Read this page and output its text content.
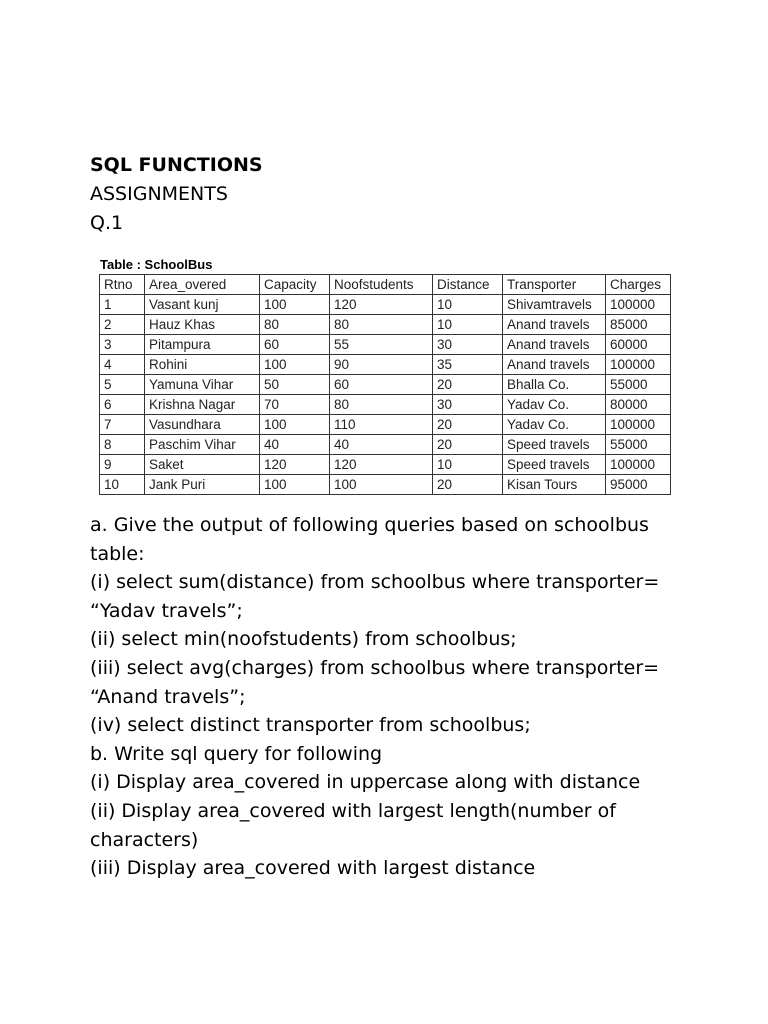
SQL FUNCTIONS
ASSIGNMENTS
Q.1
Table : SchoolBus
Rtno	Area_overed	Capacity	Noofstudents	Distance	Transporter	Charges
1	Vasant kunj	100	120	10	Shivamtravels	100000
2	Hauz Khas	80	80	10	Anand travels	85000
3	Pitampura	60	55	30	Anand travels	60000
4	Rohini	100	90	35	Anand travels	100000
5	Yamuna Vihar	50	60	20	Bhalla Co.	55000
6	Krishna Nagar	70	80	30	Yadav Co.	80000
7	Vasundhara	100	110	20	Yadav Co.	100000
8	Paschim Vihar	40	40	20	Speed travels	55000
9	Saket	120	120	10	Speed travels	100000
10	Jank Puri	100	100	20	Kisan Tours	95000
a. Give the output of following queries based on schoolbus
table:
(i) select sum(distance) from schoolbus where transporter=
“Yadav travels”;
(ii) select min(noofstudents) from schoolbus;
(iii) select avg(charges) from schoolbus where transporter=
“Anand travels”;
(iv) select distinct transporter from schoolbus;
b. Write sql query for following
(i) Display area_covered in uppercase along with distance
(ii) Display area_covered with largest length(number of
characters)
(iii) Display area_covered with largest distance
